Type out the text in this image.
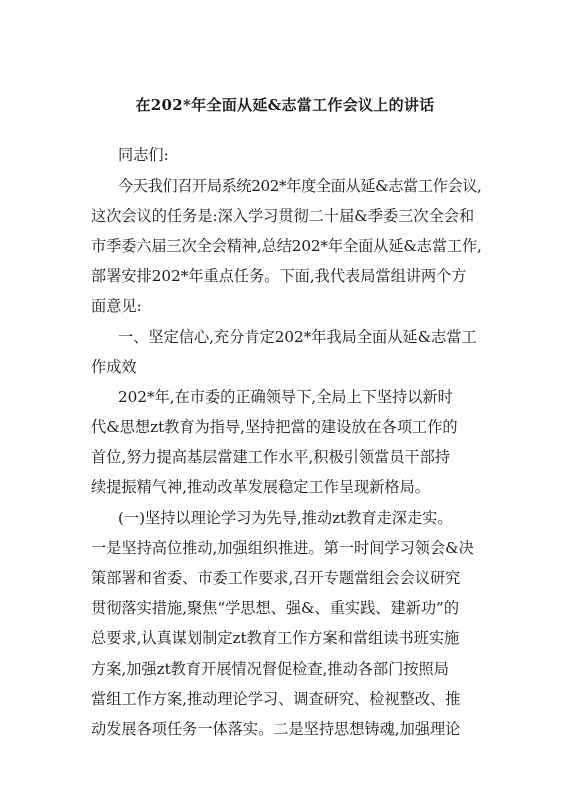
在202*年全面从延&志當工作会议上的讲话
同志们:
今天我们召开局系统202*年度全面从延&志當工作会议,
这次会议的任务是:深入学习贯彻二十届&季委三次全会和
市季委六届三次全会精神,总结202*年全面从延&志當工作,
部署安排202*年重点任务。下面,我代表局當组讲两个方
面意见:
一、坚定信心,充分肯定202*年我局全面从延&志當工
作成效
202*年,在市委的正确领导下,全局上下坚持以新时
代&思想zt教育为指导,坚持把當的建设放在各项工作的
首位,努力提高基层當建工作水平,积极引领當员干部持
续提振精气神,推动改革发展稳定工作呈现新格局。
(一)坚持以理论学习为先导,推动zt教育走深走实。
一是坚持高位推动,加强组织推进。第一时间学习领会&决
策部署和省委、市委工作要求,召开专题當组会会议研究
贯彻落实措施,聚焦“学思想、强&、重实践、建新功”的
总要求,认真谋划制定zt教育工作方案和當组读书班实施
方案,加强zt教育开展情况督促检查,推动各部门按照局
當组工作方案,推动理论学习、调查研究、检视整改、推
动发展各项任务一体落实。二是坚持思想铸魂,加强理论
